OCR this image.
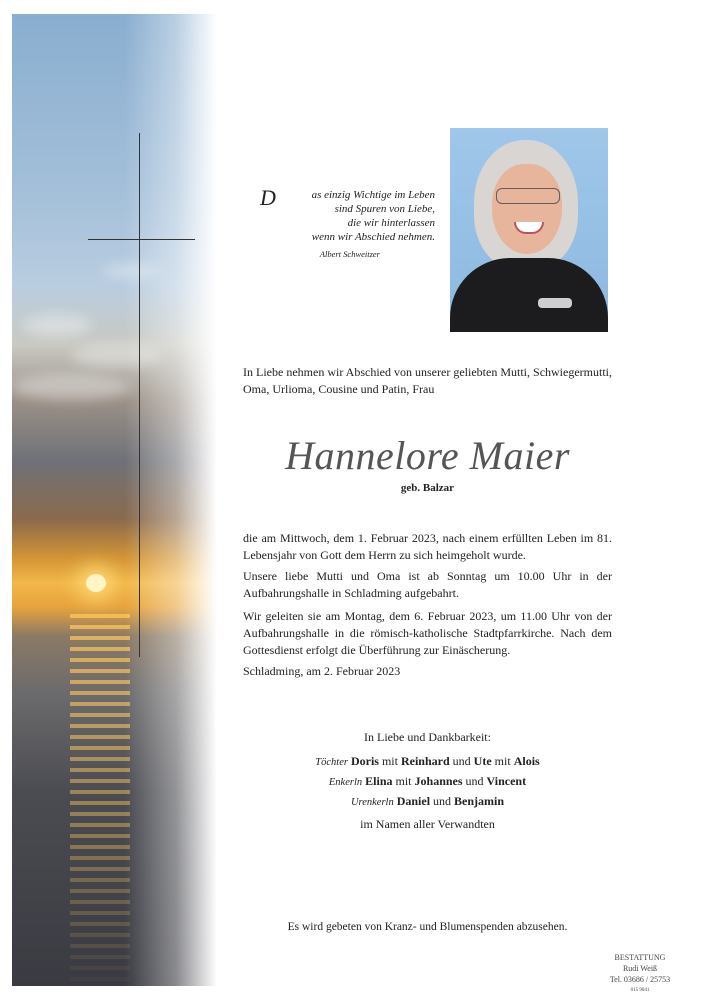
D	as einzig Wichtige im Leben
sind Spuren von Liebe,
die wir hinterlassen
wenn wir Abschied nehmen.
Albert Schweitzer
In Liebe nehmen wir Abschied von unserer geliebten Mutti, Schwiegermutti, Oma, Urlioma, Cousine und Patin, Frau
Hannelore Maier
geb. Balzar
die am Mittwoch, dem 1. Februar 2023, nach einem erfüllten Leben im 81. Lebensjahr von Gott dem Herrn zu sich heimgeholt wurde.
Unsere liebe Mutti und Oma ist ab Sonntag um 10.00 Uhr in der Aufbahrungshalle in Schladming aufgebahrt.
Wir geleiten sie am Montag, dem 6. Februar 2023, um 11.00 Uhr von der Aufbahrungshalle in die römisch-katholische Stadtpfarrkirche. Nach dem Gottesdienst erfolgt die Überführung zur Einäscherung.
Schladming, am 2. Februar 2023
In Liebe und Dankbarkeit:
Töchter Doris mit Reinhard und Ute mit Alois
Enkerln Elina mit Johannes und Vincent
Urenkerln Daniel und Benjamin
im Namen aller Verwandten
Es wird gebeten von Kranz- und Blumenspenden abzusehen.
BESTATTUNG
Rudi Weiß
Tel. 03686 / 25753
015 9041
